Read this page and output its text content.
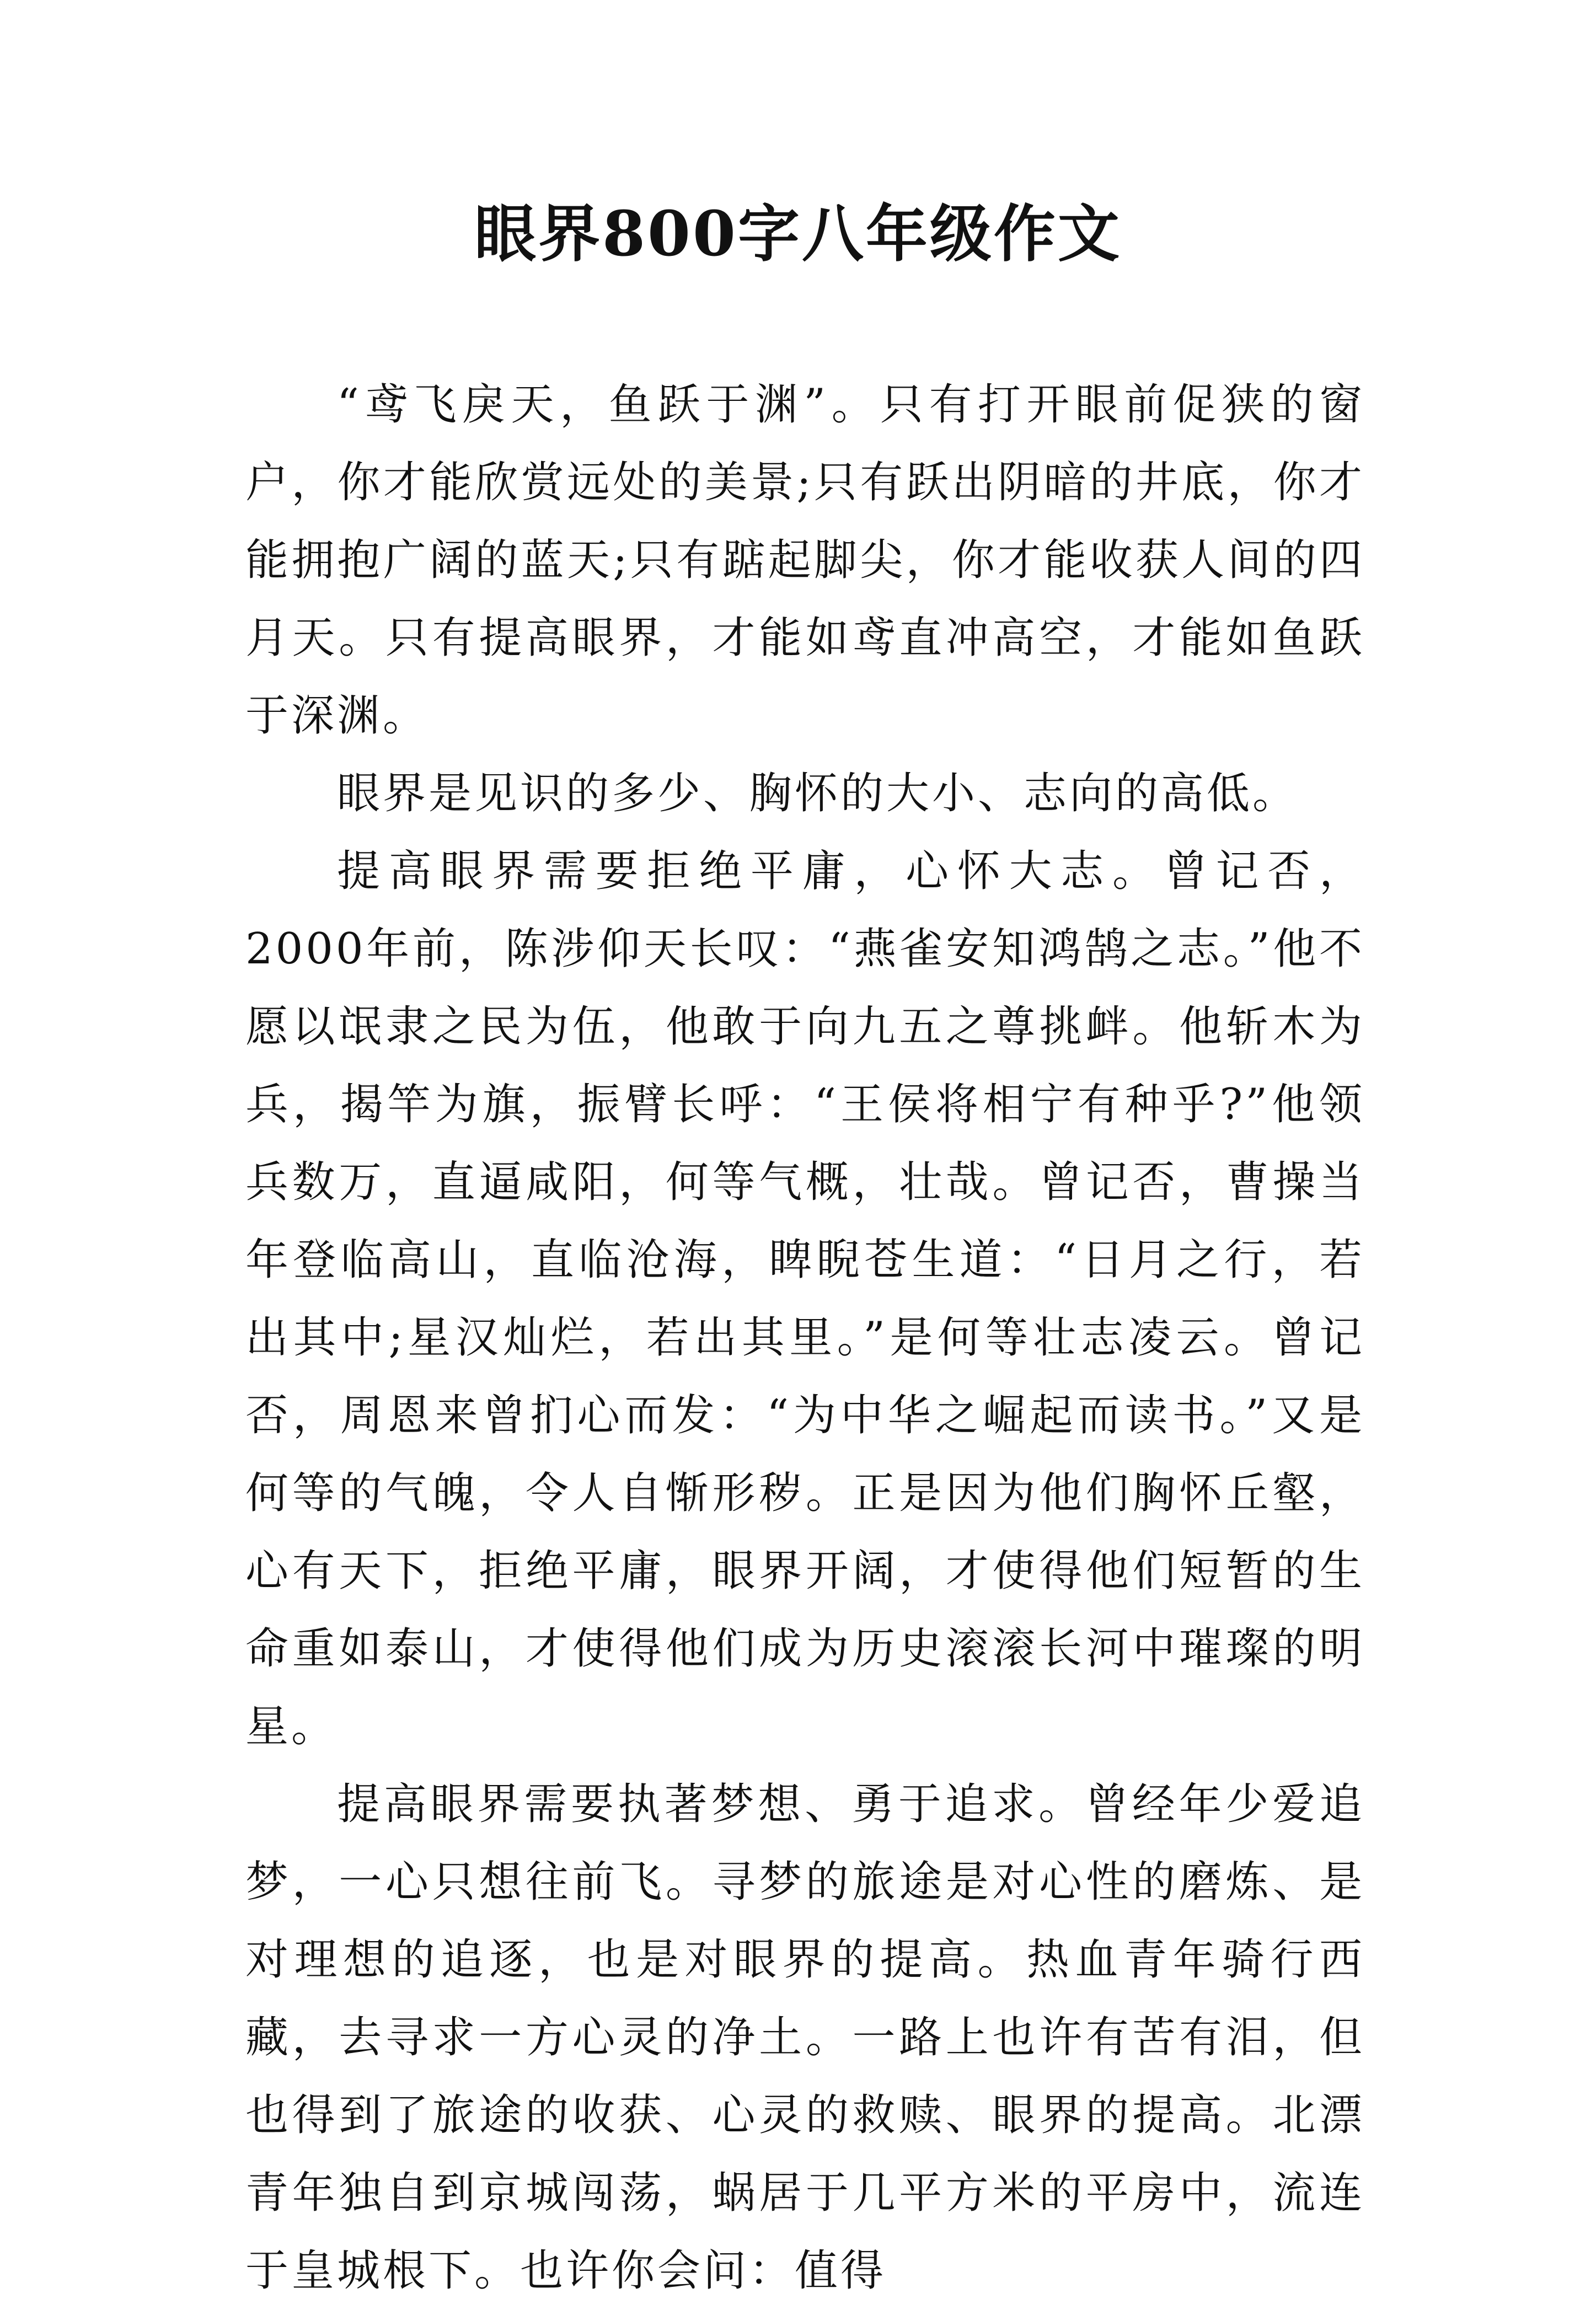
眼界800字八年级作文

“鸢飞戾天，鱼跃于渊”。只有打开眼前促狭的窗户，你才能欣赏远处的美景;只有跃出阴暗的井底，你才能拥抱广阔的蓝天;只有踮起脚尖，你才能收获人间的四月天。只有提高眼界，才能如鸢直冲高空，才能如鱼跃于深渊。

眼界是见识的多少、胸怀的大小、志向的高低。

提高眼界需要拒绝平庸，心怀大志。曾记否，2000年前，陈涉仰天长叹：“燕雀安知鸿鹄之志。”他不愿以氓隶之民为伍，他敢于向九五之尊挑衅。他斩木为兵，揭竿为旗，振臂长呼：“王侯将相宁有种乎?”他领兵数万，直逼咸阳，何等气概，壮哉。曾记否，曹操当年登临高山，直临沧海，睥睨苍生道：“日月之行，若出其中;星汉灿烂，若出其里。”是何等壮志凌云。曾记否，周恩来曾扪心而发：“为中华之崛起而读书。”又是何等的气魄，令人自惭形秽。正是因为他们胸怀丘壑，心有天下，拒绝平庸，眼界开阔，才使得他们短暂的生命重如泰山，才使得他们成为历史滚滚长河中璀璨的明星。

提高眼界需要执著梦想、勇于追求。曾经年少爱追梦，一心只想往前飞。寻梦的旅途是对心性的磨炼、是对理想的追逐，也是对眼界的提高。热血青年骑行西藏，去寻求一方心灵的净土。一路上也许有苦有泪，但也得到了旅途的收获、心灵的救赎、眼界的提高。北漂青年独自到京城闯荡，蜗居于几平方米的平房中，流连于皇城根下。也许你会问：值得
